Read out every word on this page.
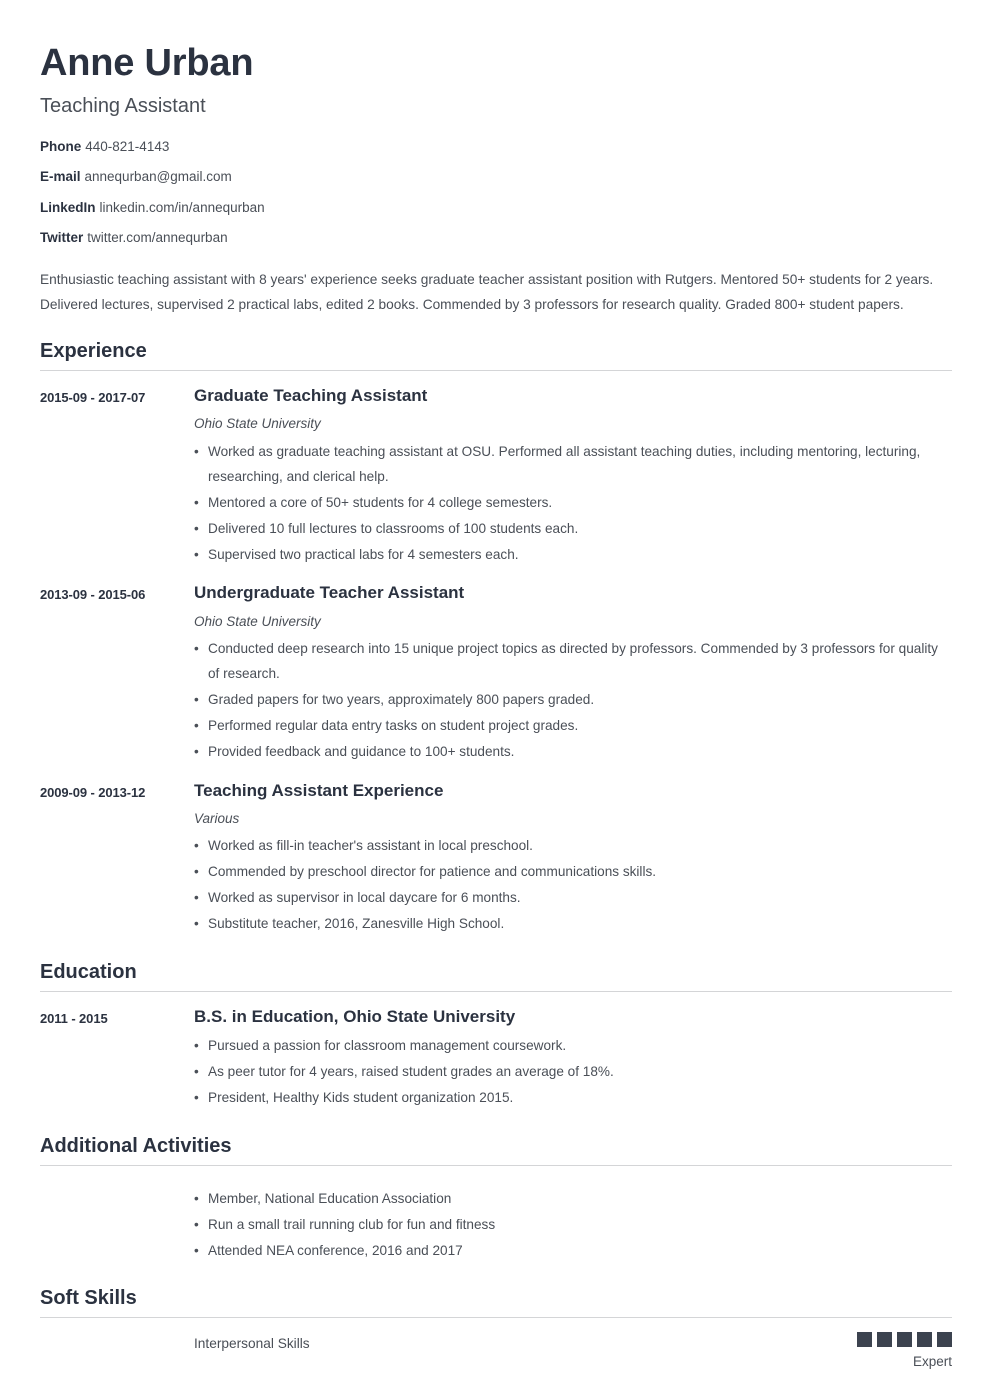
Anne Urban
Teaching Assistant
Phone 440-821-4143
E-mail annequrban@gmail.com
LinkedIn linkedin.com/in/annequrban
Twitter twitter.com/annequrban

Enthusiastic teaching assistant with 8 years' experience seeks graduate teacher assistant position with Rutgers. Mentored 50+ students for 2 years. Delivered lectures, supervised 2 practical labs, edited 2 books. Commended by 3 professors for research quality. Graded 800+ student papers.

Experience
2015-09 - 2017-07	Graduate Teaching Assistant
Ohio State University
• Worked as graduate teaching assistant at OSU. Performed all assistant teaching duties, including mentoring, lecturing, researching, and clerical help.
• Mentored a core of 50+ students for 4 college semesters.
• Delivered 10 full lectures to classrooms of 100 students each.
• Supervised two practical labs for 4 semesters each.
2013-09 - 2015-06	Undergraduate Teacher Assistant
Ohio State University
• Conducted deep research into 15 unique project topics as directed by professors. Commended by 3 professors for quality of research.
• Graded papers for two years, approximately 800 papers graded.
• Performed regular data entry tasks on student project grades.
• Provided feedback and guidance to 100+ students.
2009-09 - 2013-12	Teaching Assistant Experience
Various
• Worked as fill-in teacher's assistant in local preschool.
• Commended by preschool director for patience and communications skills.
• Worked as supervisor in local daycare for 6 months.
• Substitute teacher, 2016, Zanesville High School.
Education
2011 - 2015	B.S. in Education, Ohio State University
• Pursued a passion for classroom management coursework.
• As peer tutor for 4 years, raised student grades an average of 18%.
• President, Healthy Kids student organization 2015.
Additional Activities
• Member, National Education Association
• Run a small trail running club for fun and fitness
• Attended NEA conference, 2016 and 2017
Soft Skills
Interpersonal Skills
Expert
